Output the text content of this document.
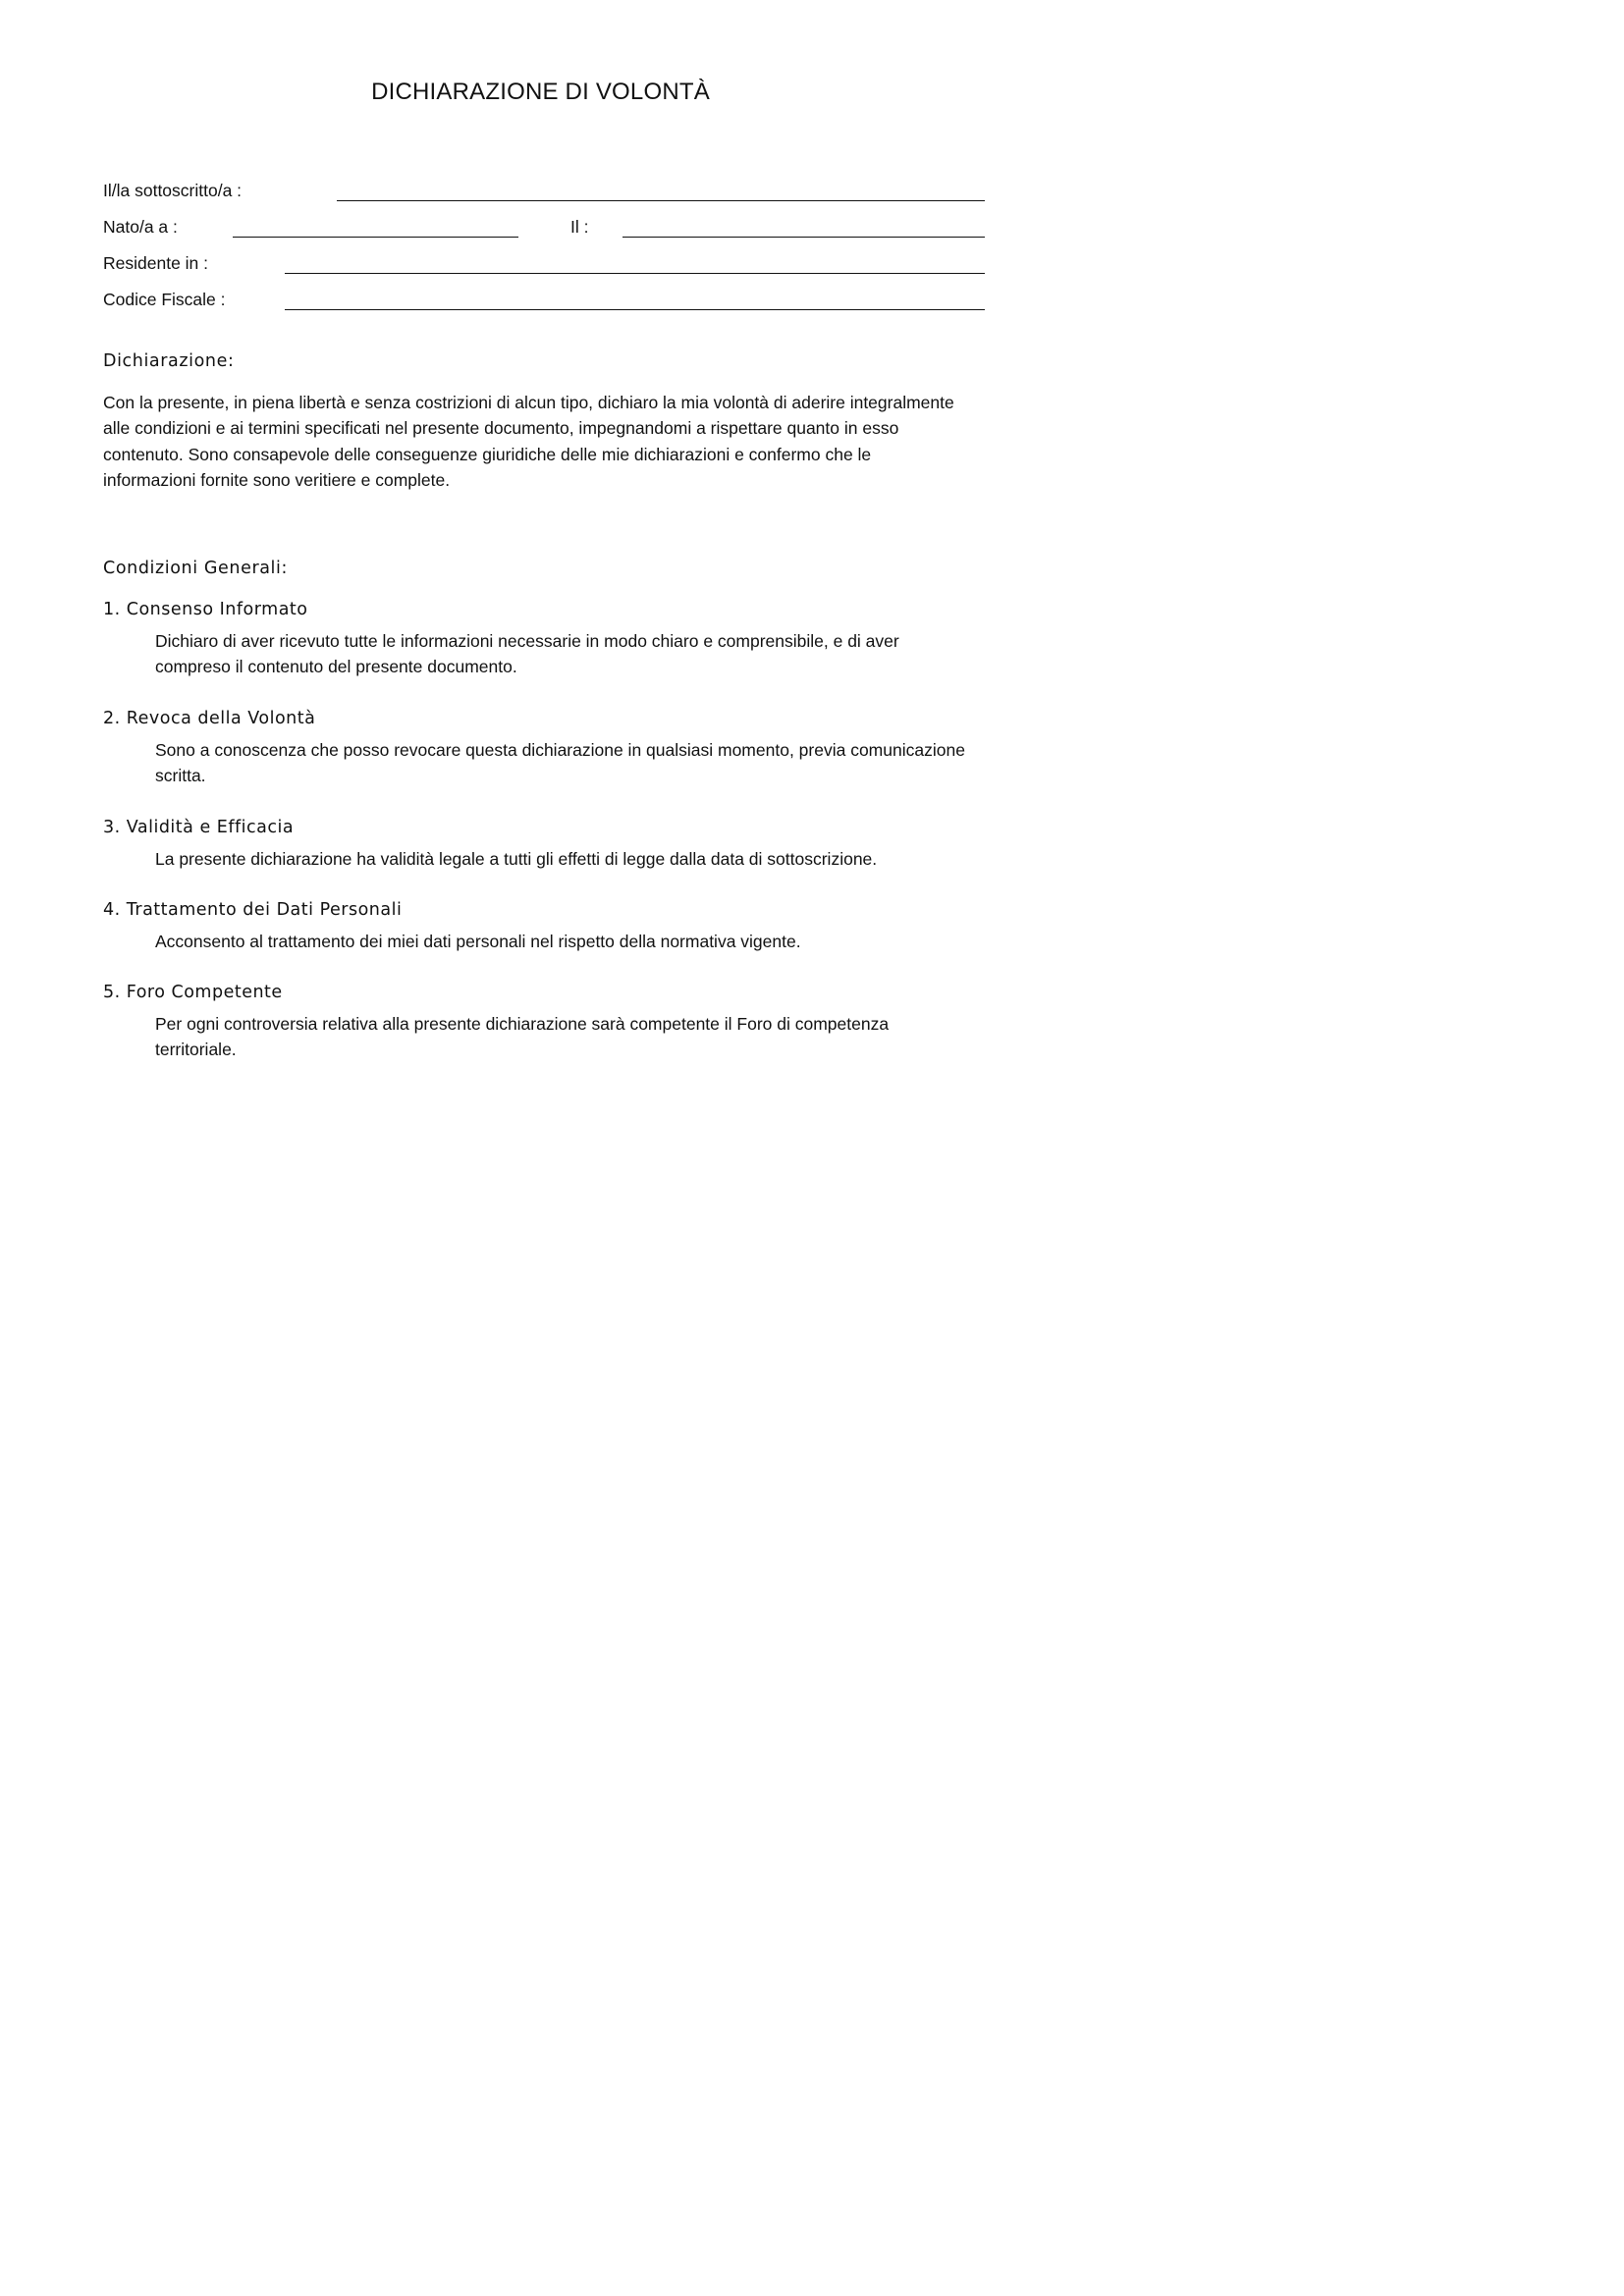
DICHIARAZIONE DI VOLONTÀ
Il/la sottoscritto/a :
Nato/a a :	Il :
Residente in :
Codice Fiscale :
Dichiarazione:
Con la presente, in piena libertà e senza costrizioni di alcun tipo, dichiaro la mia volontà di aderire integralmente alle condizioni e ai termini specificati nel presente documento, impegnandomi a rispettare quanto in esso contenuto. Sono consapevole delle conseguenze giuridiche delle mie dichiarazioni e confermo che le informazioni fornite sono veritiere e complete.
Condizioni Generali:
1. Consenso Informato
Dichiaro di aver ricevuto tutte le informazioni necessarie in modo chiaro e comprensibile, e di aver compreso il contenuto del presente documento.
2. Revoca della Volontà
Sono a conoscenza che posso revocare questa dichiarazione in qualsiasi momento, previa comunicazione scritta.
3. Validità e Efficacia
La presente dichiarazione ha validità legale a tutti gli effetti di legge dalla data di sottoscrizione.
4. Trattamento dei Dati Personali
Acconsento al trattamento dei miei dati personali nel rispetto della normativa vigente.
5. Foro Competente
Per ogni controversia relativa alla presente dichiarazione sarà competente il Foro di competenza territoriale.
